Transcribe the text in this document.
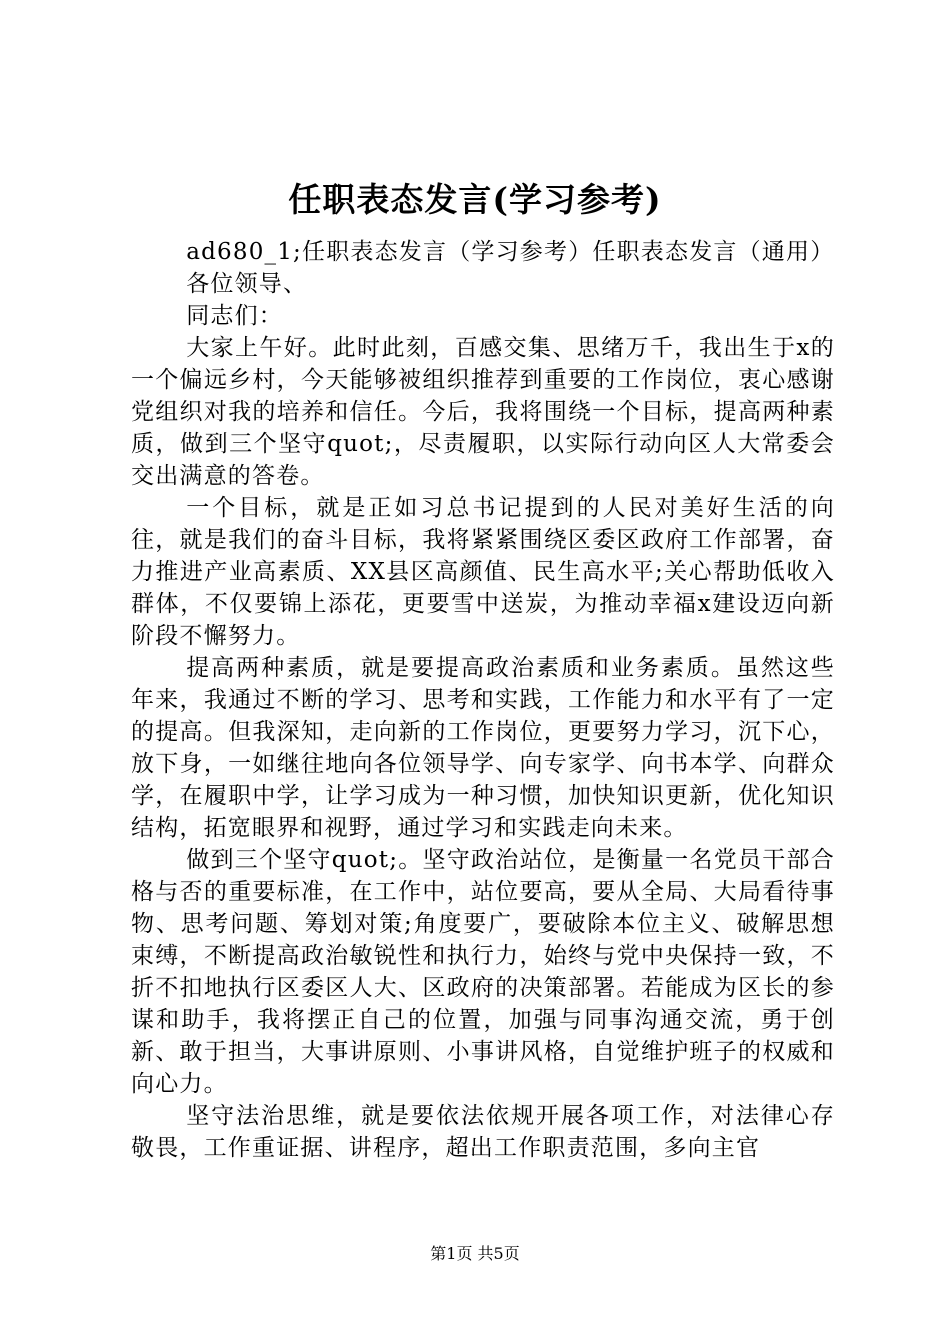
任职表态发言(学习参考)

ad680_1;任职表态发言（学习参考）任职表态发言（通用）

各位领导、

同志们：

大家上午好。此时此刻，百感交集、思绪万千，我出生于x的一个偏远乡村，今天能够被组织推荐到重要的工作岗位，衷心感谢党组织对我的培养和信任。今后，我将围绕一个目标，提高两种素质，做到三个坚守quot;，尽责履职，以实际行动向区人大常委会交出满意的答卷。

一个目标，就是正如习总书记提到的人民对美好生活的向往，就是我们的奋斗目标，我将紧紧围绕区委区政府工作部署，奋力推进产业高素质、XX县区高颜值、民生高水平;关心帮助低收入群体，不仅要锦上添花，更要雪中送炭，为推动幸福x建设迈向新阶段不懈努力。

提高两种素质，就是要提高政治素质和业务素质。虽然这些年来，我通过不断的学习、思考和实践，工作能力和水平有了一定的提高。但我深知，走向新的工作岗位，更要努力学习，沉下心，放下身，一如继往地向各位领导学、向专家学、向书本学、向群众学，在履职中学，让学习成为一种习惯，加快知识更新，优化知识结构，拓宽眼界和视野，通过学习和实践走向未来。

做到三个坚守quot;。坚守政治站位，是衡量一名党员干部合格与否的重要标准，在工作中，站位要高，要从全局、大局看待事物、思考问题、筹划对策;角度要广，要破除本位主义、破解思想束缚，不断提高政治敏锐性和执行力，始终与党中央保持一致，不折不扣地执行区委区人大、区政府的决策部署。若能成为区长的参谋和助手，我将摆正自己的位置，加强与同事沟通交流，勇于创新、敢于担当，大事讲原则、小事讲风格，自觉维护班子的权威和向心力。

坚守法治思维，就是要依法依规开展各项工作，对法律心存敬畏，工作重证据、讲程序，超出工作职责范围，多向主官

第1页 共5页
